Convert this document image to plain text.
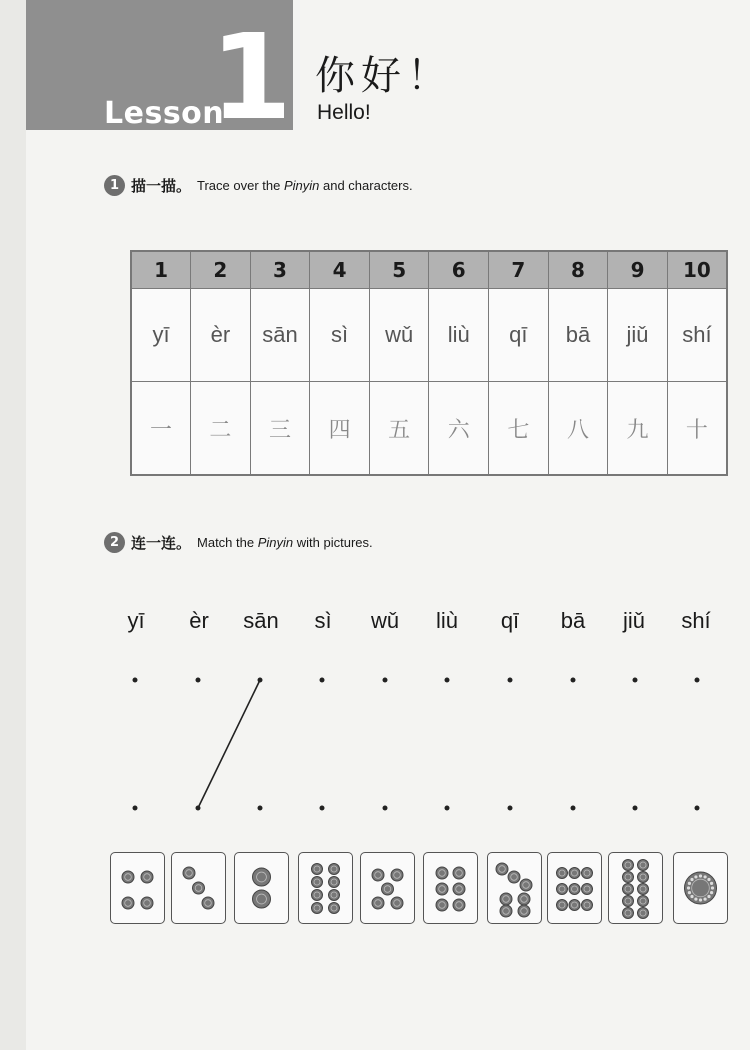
Lesson
1 你好！
Hello!
1 描一描。 Trace over the Pinyin and characters.
1	2	3	4	5	6	7	8	9	10
yī	èr	sān	sì	wǔ	liù	qī	bā	jiǔ	shí
一	二	三	四	五	六	七	八	九	十
2 连一连。 Match the Pinyin with pictures.
yī èr sān sì wǔ liù qī bā jiǔ shí
